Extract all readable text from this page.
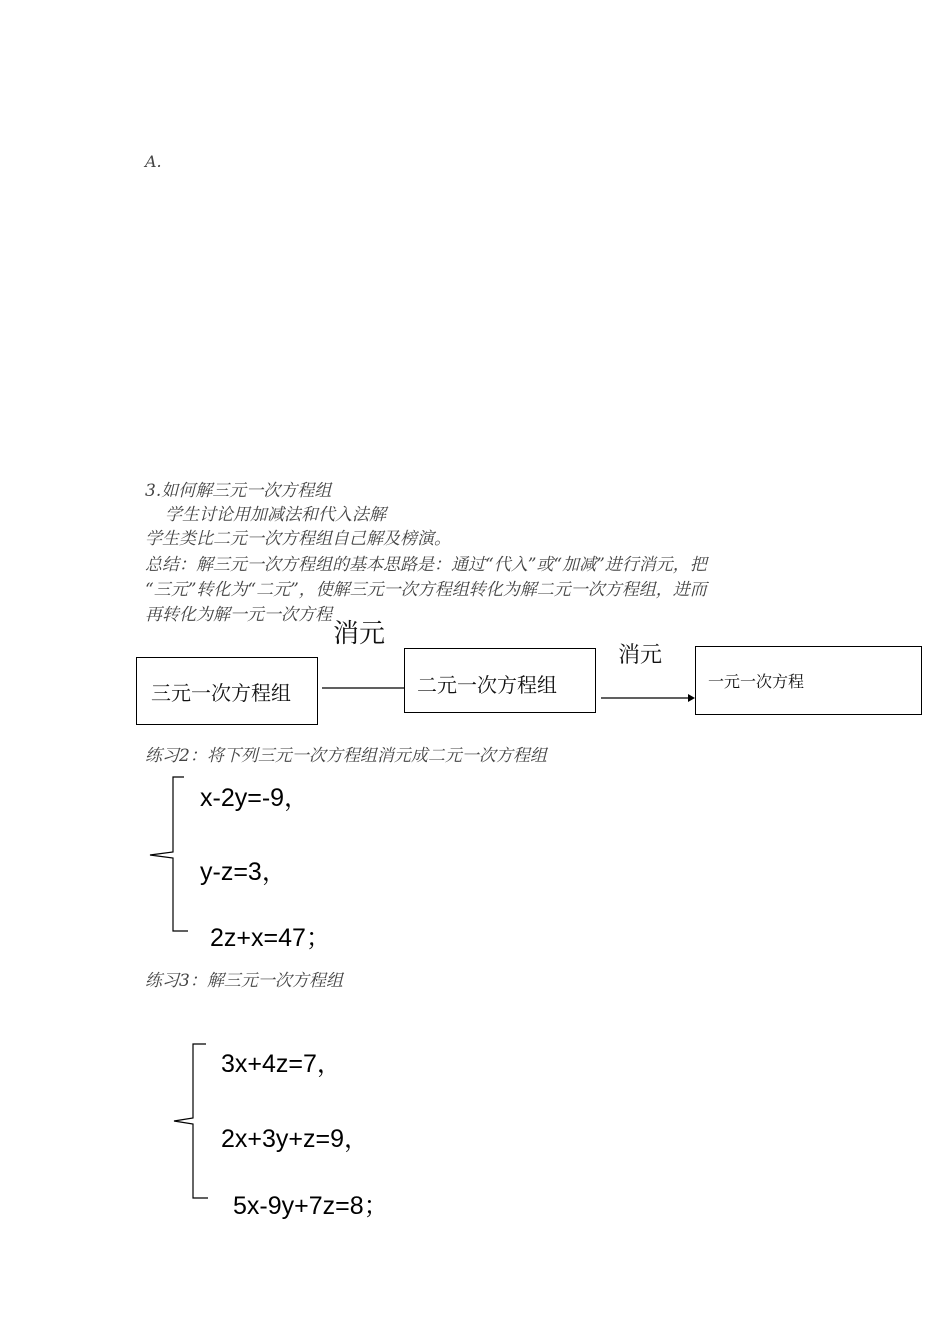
A.
3.如何解三元一次方程组
学生讨论用加减法和代入法解
学生类比二元一次方程组自己解及榜演。
总结：解三元一次方程组的基本思路是：通过“代入”或“加减”进行消元，把
“三元”转化为“二元”，使解三元一次方程组转化为解二元一次方程组，进而
再转化为解一元一次方程
消元
三元一次方程组	二元一次方程组
消元
一元一次方程
练习2：将下列三元一次方程组消元成二元一次方程组
x-2y=-9，
y-z=3，
2z+x=47；
练习3：解三元一次方程组
3x+4z=7，
2x+3y+z=9，
5x-9y+7z=8；
